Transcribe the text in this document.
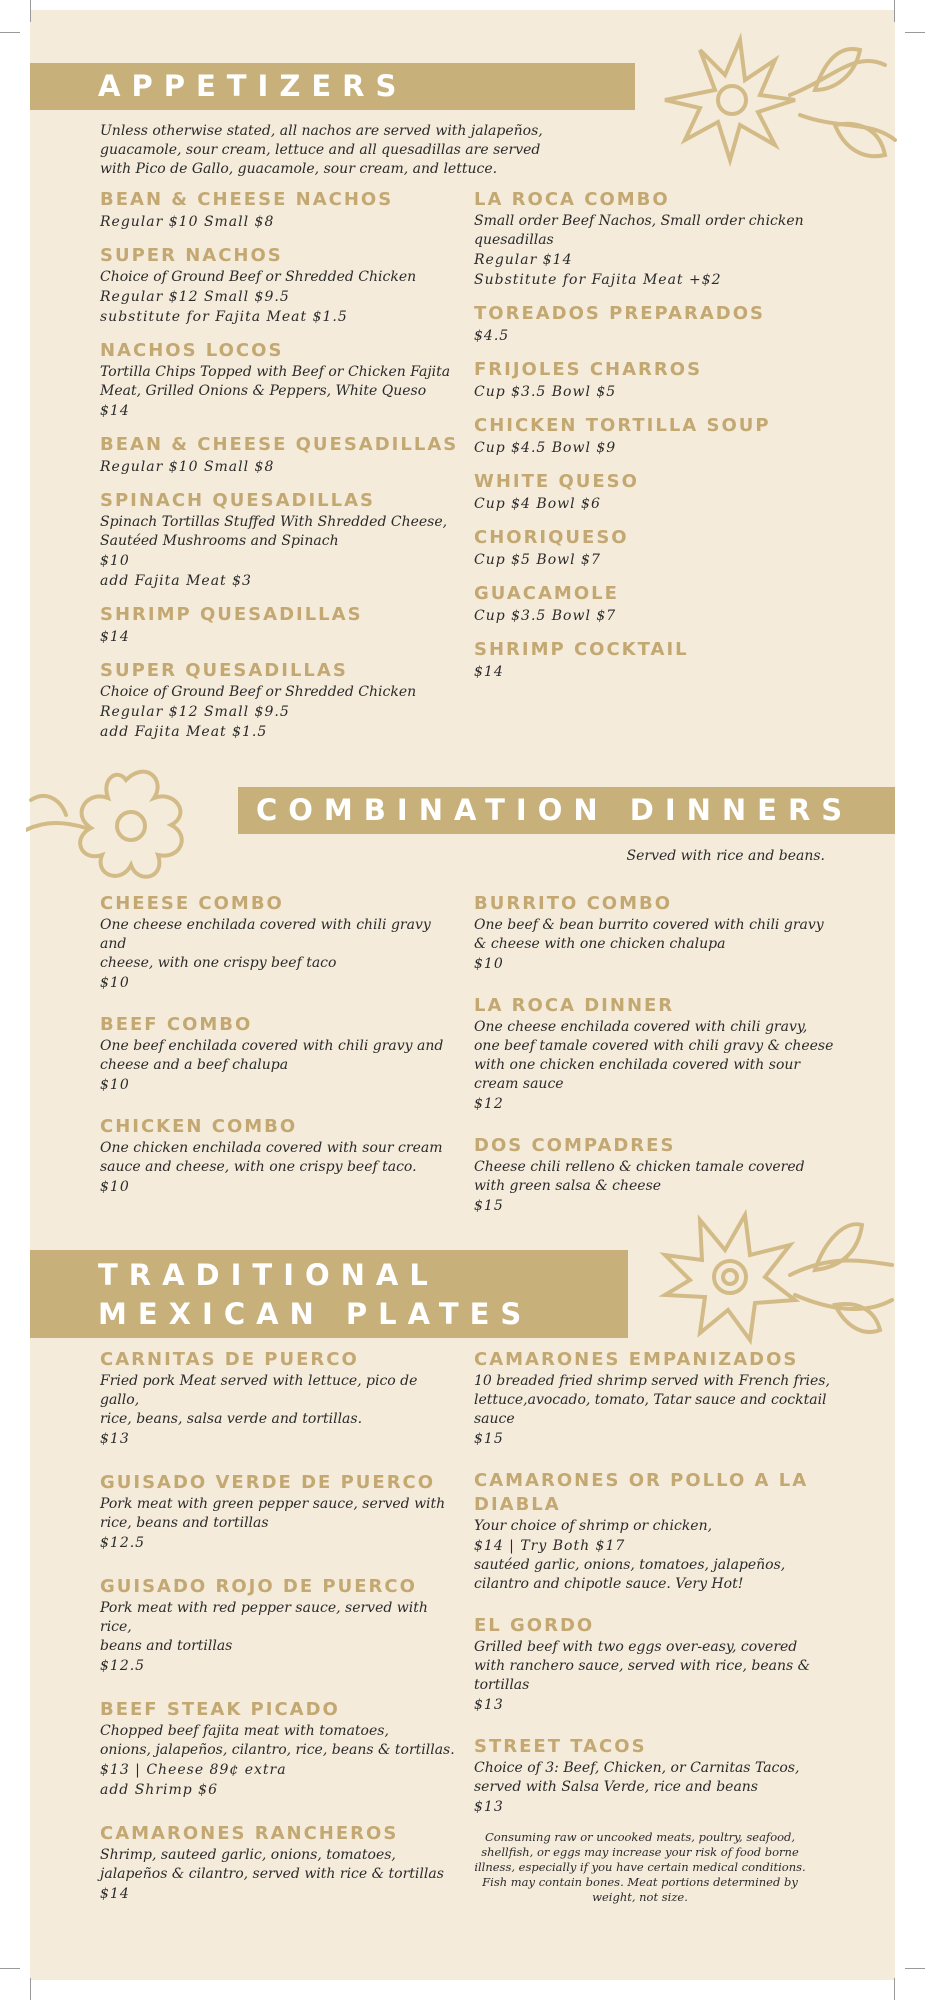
APPETIZERS
Unless otherwise stated, all nachos are served with jalapeños, guacamole, sour cream, lettuce and all quesadillas are served with Pico de Gallo, guacamole, sour cream, and lettuce.
BEAN & CHEESE NACHOS
Regular $10 Small $8
SUPER NACHOS
Choice of Ground Beef or Shredded Chicken
Regular $12 Small $9.5
substitute for Fajita Meat $1.5
NACHOS LOCOS
Tortilla Chips Topped with Beef or Chicken Fajita
Meat, Grilled Onions & Peppers, White Queso
$14
BEAN & CHEESE QUESADILLAS
Regular $10 Small $8
SPINACH QUESADILLAS
Spinach Tortillas Stuffed With Shredded Cheese,
Sautéed Mushrooms and Spinach
$10
add Fajita Meat $3
SHRIMP QUESADILLAS
$14
SUPER QUESADILLAS
Choice of Ground Beef or Shredded Chicken
Regular $12 Small $9.5
add Fajita Meat $1.5
LA ROCA COMBO
Small order Beef Nachos, Small order chicken
quesadillas
Regular $14
Substitute for Fajita Meat +$2
TOREADOS PREPARADOS
$4.5
FRIJOLES CHARROS
Cup $3.5 Bowl $5
CHICKEN TORTILLA SOUP
Cup $4.5 Bowl $9
WHITE QUESO
Cup $4 Bowl $6
CHORIQUESO
Cup $5 Bowl $7
GUACAMOLE
Cup $3.5 Bowl $7
SHRIMP COCKTAIL
$14
COMBINATION DINNERS
Served with rice and beans.
CHEESE COMBO
One cheese enchilada covered with chili gravy and
cheese, with one crispy beef taco
$10
BEEF COMBO
One beef enchilada covered with chili gravy and
cheese and a beef chalupa
$10
CHICKEN COMBO
One chicken enchilada covered with sour cream
sauce and cheese, with one crispy beef taco.
$10
BURRITO COMBO
One beef & bean burrito covered with chili gravy
& cheese with one chicken chalupa
$10
LA ROCA DINNER
One cheese enchilada covered with chili gravy,
one beef tamale covered with chili gravy & cheese
with one chicken enchilada covered with sour
cream sauce
$12
DOS COMPADRES
Cheese chili relleno & chicken tamale covered
with green salsa & cheese
$15
TRADITIONAL
MEXICAN PLATES
CARNITAS DE PUERCO
Fried pork Meat served with lettuce, pico de gallo,
rice, beans, salsa verde and tortillas.
$13
GUISADO VERDE DE PUERCO
Pork meat with green pepper sauce, served with
rice, beans and tortillas
$12.5
GUISADO ROJO DE PUERCO
Pork meat with red pepper sauce, served with rice,
beans and tortillas
$12.5
BEEF STEAK PICADO
Chopped beef fajita meat with tomatoes,
onions, jalapeños, cilantro, rice, beans & tortillas.
$13 | Cheese 89¢ extra
add Shrimp $6
CAMARONES RANCHEROS
Shrimp, sauteed garlic, onions, tomatoes,
jalapeños & cilantro, served with rice & tortillas
$14
CAMARONES EMPANIZADOS
10 breaded fried shrimp served with French fries,
lettuce,avocado, tomato, Tatar sauce and cocktail
sauce
$15
CAMARONES OR POLLO A LA DIABLA
Your choice of shrimp or chicken,
$14 | Try Both $17
sautéed garlic, onions, tomatoes, jalapeños,
cilantro and chipotle sauce. Very Hot!
EL GORDO
Grilled beef with two eggs over-easy, covered
with ranchero sauce, served with rice, beans &
tortillas
$13
STREET TACOS
Choice of 3: Beef, Chicken, or Carnitas Tacos,
served with Salsa Verde, rice and beans
$13
Consuming raw or uncooked meats, poultry, seafood, shellfish, or eggs may increase your risk of food borne illness, especially if you have certain medical conditions. Fish may contain bones. Meat portions determined by weight, not size.
